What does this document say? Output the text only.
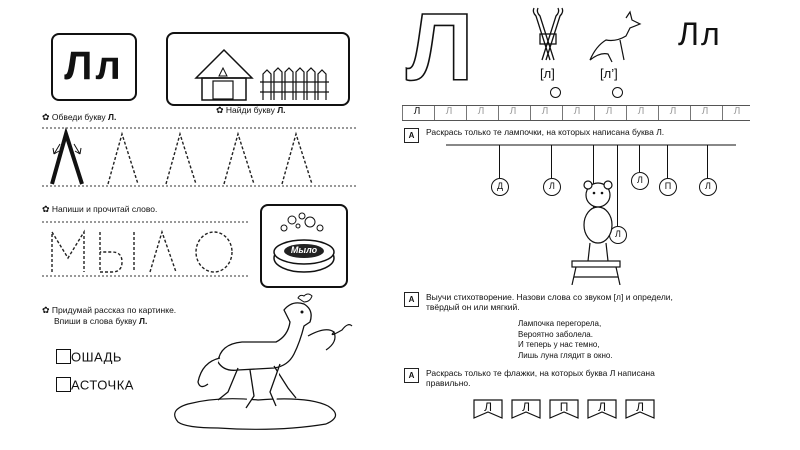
Лл
✿ Обведи букву Л.
✿ Найди букву Л.
✿ Напиши и прочитай слово.
Мыло
✿ Придумай рассказ по картинке.
Впиши в слова букву Л.
ОШАДЬ
АСТОЧКА
Л	Лл
[л]	[л’]
Л	Л	Л	Л	Л	Л	Л	Л	Л	Л	Л
А	Раскрась только те лампочки, на которых написана буква Л.
Д	Л
Л
П	Л
Л
А	Выучи стихотворение. Назови слова со звуком [л] и определи,
твёрдый он или мягкий.
Лампочка перегорела,
Вероятно заболела.
И теперь у нас темно,
Лишь луна глядит в окно.
А	Раскрась только те флажки, на которых буква Л написана
правильно.
Л	Л	П	Л	Л
